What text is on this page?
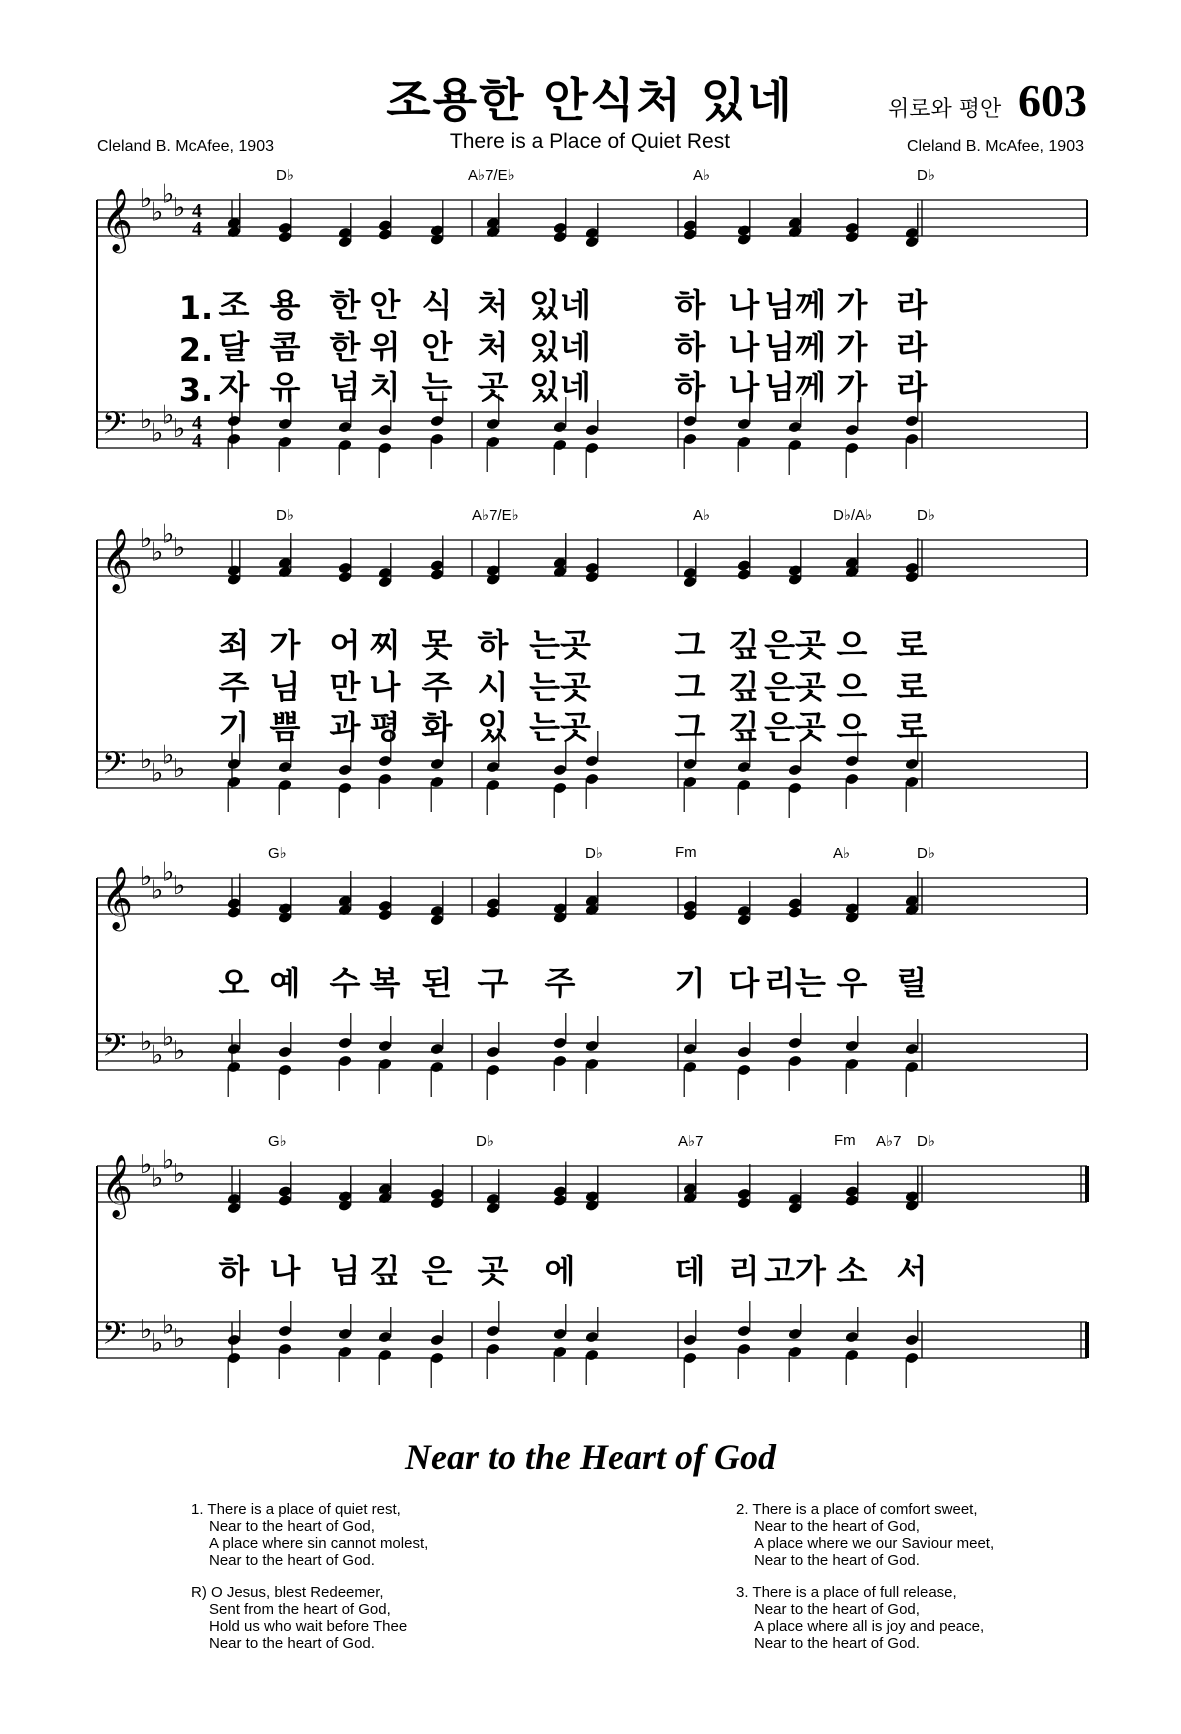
조용한 안식처 있네
There is a Place of Quiet Rest
위로와 평안 603
Cleland B. McAfee, 1903	Cleland B. McAfee, 1903
4
4
4
4
𝄞 ♭
♭
♭
♭
𝄢 ♭
♭
♭
♭
𝄞 ♭
♭
♭
♭
𝄢 ♭
♭
♭
♭
𝄞 ♭
♭
♭
♭
𝄢 ♭
♭
♭
♭
𝄞 ♭
♭
♭
♭
𝄢 ♭
♭
♭
♭
D♭	A♭7/E♭	A♭	D♭
1. 조 용 한 안 식 처 있네	하 나 님께 가 라
2. 달 콤 한 위 안 처 있네	하 나 님께 가 라
3. 자 유 넘 치 는 곳 있네	하 나 님께 가 라
D♭	A♭7/E♭	A♭	D♭/A♭	D♭
죄 가 어 찌 못 하 는곳	그 깊 은곳 으 로
주 님 만 나 주 시 는곳	그 깊 은곳 으 로
기 쁨 과 평 화 있 는곳	그 깊 은곳 으 로
G♭	D♭	Fm	A♭	D♭
오 예 수 복 된 구 주	기 다 리는 우 릴
G♭	D♭	A♭7	Fm A♭7 D♭
하 나 님 깊 은 곳 에	데 리 고가 소 서
Near to the Heart of God
1. There is a place of quiet rest,
Near to the heart of God,
A place where sin cannot molest,
Near to the heart of God.
R) O Jesus, blest Redeemer,
Sent from the heart of God,
Hold us who wait before Thee
Near to the heart of God.
2. There is a place of comfort sweet,
Near to the heart of God,
A place where we our Saviour meet,
Near to the heart of God.
3. There is a place of full release,
Near to the heart of God,
A place where all is joy and peace,
Near to the heart of God.
